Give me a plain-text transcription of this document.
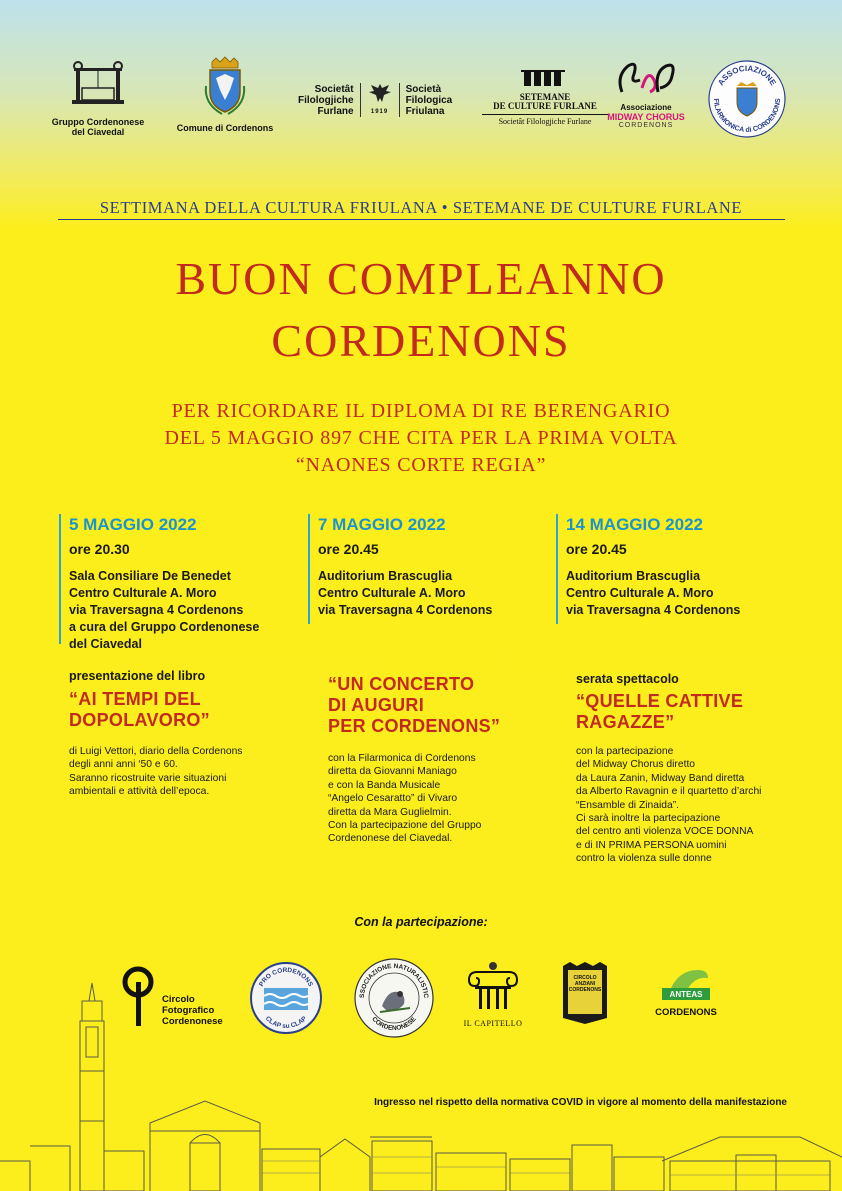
Gruppo Cordenonese
del Ciavedal	Comune di Cordenons
Societât
Filologjiche
Furlane	1919
Società
Filologica
Friulana
SETEMANE
DE CULTURE FURLANE
Societât Filologjiche Furlane
Associazione
MIDWAY CHORUS
CORDENONS
ASSOCIAZIONE
FILARMONICA di CORDENONS
SETTIMANA DELLA CULTURA FRIULANA • SETEMANE DE CULTURE FURLANE
BUON COMPLEANNO
CORDENONS
PER RICORDARE IL DIPLOMA DI RE BERENGARIO
DEL 5 MAGGIO 897 CHE CITA PER LA PRIMA VOLTA
“NAONES CORTE REGIA”
5 MAGGIO 2022
ore 20.30
Sala Consiliare De Benedet
Centro Culturale A. Moro
via Traversagna 4 Cordenons
a cura del Gruppo Cordenonese
del Ciavedal
presentazione del libro
“AI TEMPI DEL
DOPOLAVORO”
di Luigi Vettori, diario della Cordenons
degli anni anni ‘50 e 60.
Saranno ricostruite varie situazioni
ambientali e attività dell’epoca.
7 MAGGIO 2022
ore 20.45
Auditorium Brascuglia
Centro Culturale A. Moro
via Traversagna 4 Cordenons
“UN CONCERTO
DI AUGURI
PER CORDENONS”
con la Filarmonica di Cordenons
diretta da Giovanni Maniago
e con la Banda Musicale
“Angelo Cesaratto” di Vivaro
diretta da Mara Guglielmin.
Con la partecipazione del Gruppo
Cordenonese del Ciavedal.
14 MAGGIO 2022
ore 20.45
Auditorium Brascuglia
Centro Culturale A. Moro
via Traversagna 4 Cordenons
serata spettacolo
“QUELLE CATTIVE
RAGAZZE”
con la partecipazione
del Midway Chorus diretto
da Laura Zanin, Midway Band diretta
da Alberto Ravagnin e il quartetto d’archi
“Ensamble di Zinaida”.
Ci sarà inoltre la partecipazione
del centro anti violenza VOCE DONNA
e di IN PRIMA PERSONA uomini
contro la violenza sulle donne
Con la partecipazione:
Circolo
Fotografico
Cordenonese
PRO CORDENONS
CLAP su CLAP
SSOCIAZIONE NATURALISTIC
CORDENONESE	IL CAPITELLO
CIRCOLO
ANZIANI
CORDENONS	ANTEAS
CORDENONS
Ingresso nel rispetto della normativa COVID in vigore al momento della manifestazione
